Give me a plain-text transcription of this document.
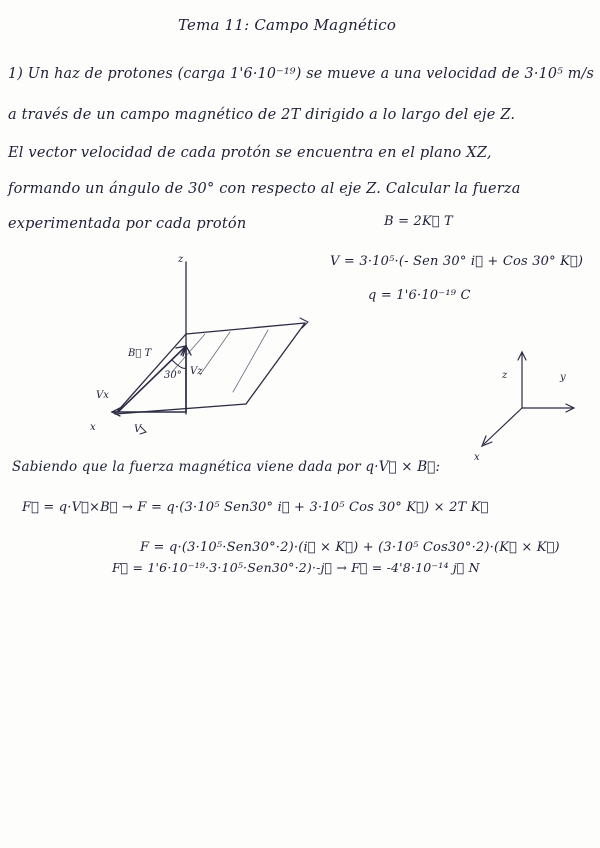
Tema 11: Campo Magnético
1) Un haz de protones (carga 1'6·10⁻¹⁹) se mueve a una velocidad de 3·10⁵ m/s
a través de un campo magnético de 2T dirigido a lo largo del eje Z.
El vector velocidad de cada protón se encuentra en el plano XZ,
formando un ángulo de 30° con respecto al eje Z. Calcular la fuerza
experimentada por cada protón	B = 2K⃗ T
V = 3·10⁵·(- Sen 30° i⃗ + Cos 30° K⃗)
q = 1'6·10⁻¹⁹ C
z
B⃗ T
30° Vz
Vx
V
x
z	y
x
Sabiendo que la fuerza magnética viene dada por q·V⃗ × B⃗:
F⃗ = q·V⃗×B⃗ → F = q·(3·10⁵ Sen30° i⃗ + 3·10⁵ Cos 30° K⃗) × 2T K⃗
F = q·(3·10⁵·Sen30°·2)·(i⃗ × K⃗) + (3·10⁵ Cos30°·2)·(K⃗ × K⃗)
F⃗ = 1'6·10⁻¹⁹·3·10⁵·Sen30°·2)·-j⃗ → F⃗ = -4'8·10⁻¹⁴ j⃗ N
